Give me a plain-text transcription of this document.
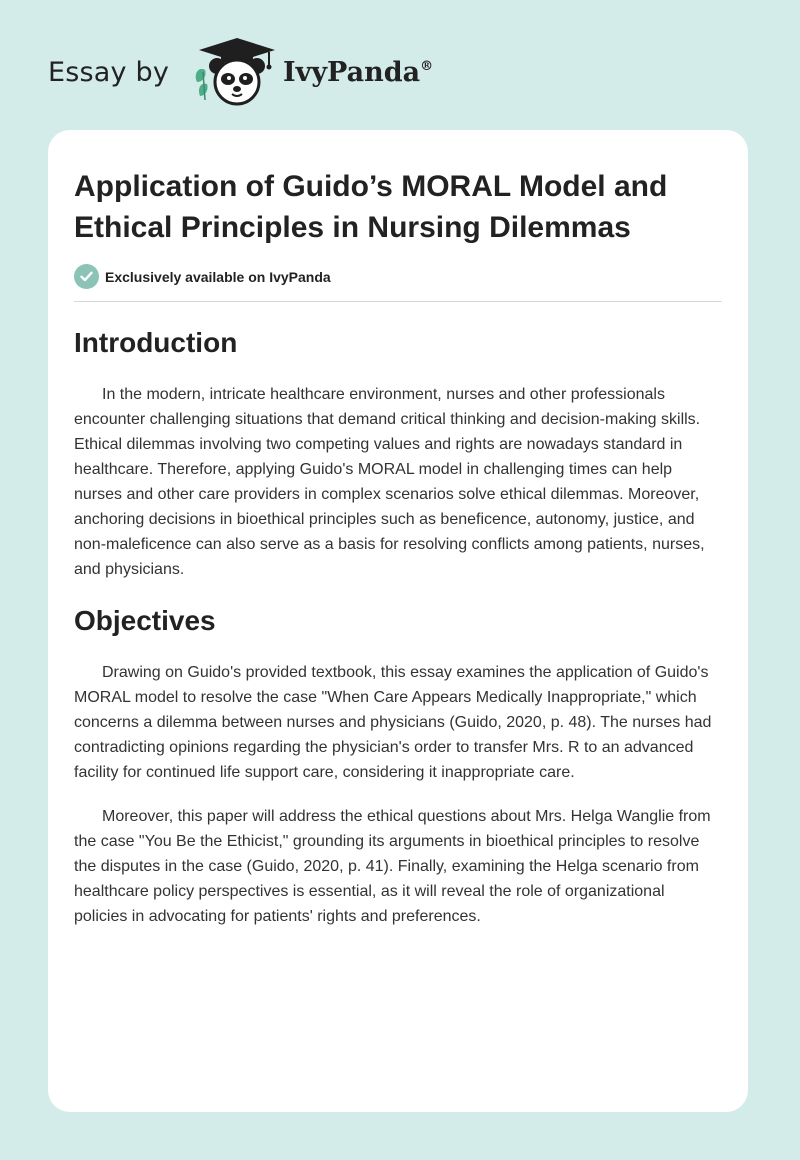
Essay by	IvyPanda®
Application of Guido’s MORAL Model and Ethical Principles in Nursing Dilemmas
Exclusively available on IvyPanda
Introduction

In the modern, intricate healthcare environment, nurses and other professionals encounter challenging situations that demand critical thinking and decision-making skills. Ethical dilemmas involving two competing values and rights are nowadays standard in healthcare. Therefore, applying Guido's MORAL model in challenging times can help nurses and other care providers in complex scenarios solve ethical dilemmas. Moreover, anchoring decisions in bioethical principles such as beneficence, autonomy, justice, and non-maleficence can also serve as a basis for resolving conflicts among patients, nurses, and physicians.

Objectives

Drawing on Guido's provided textbook, this essay examines the application of Guido's MORAL model to resolve the case "When Care Appears Medically Inappropriate," which concerns a dilemma between nurses and physicians (Guido, 2020, p. 48). The nurses had contradicting opinions regarding the physician's order to transfer Mrs. R to an advanced facility for continued life support care, considering it inappropriate care.

Moreover, this paper will address the ethical questions about Mrs. Helga Wanglie from the case "You Be the Ethicist," grounding its arguments in bioethical principles to resolve the disputes in the case (Guido, 2020, p. 41). Finally, examining the Helga scenario from healthcare policy perspectives is essential, as it will reveal the role of organizational policies in advocating for patients' rights and preferences.
